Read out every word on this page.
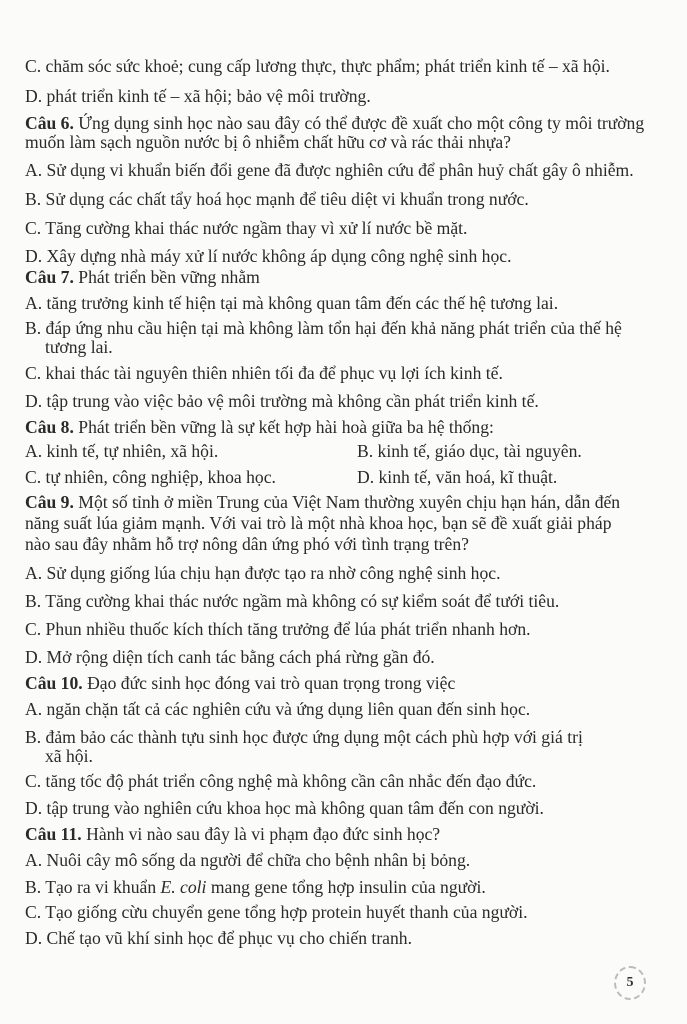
C. chăm sóc sức khoẻ; cung cấp lương thực, thực phẩm; phát triển kinh tế – xã hội.
D. phát triển kinh tế – xã hội; bảo vệ môi trường.
Câu 6. Ứng dụng sinh học nào sau đây có thể được đề xuất cho một công ty môi trường
muốn làm sạch nguồn nước bị ô nhiễm chất hữu cơ và rác thải nhựa?
A. Sử dụng vi khuẩn biến đổi gene đã được nghiên cứu để phân huỷ chất gây ô nhiễm.
B. Sử dụng các chất tẩy hoá học mạnh để tiêu diệt vi khuẩn trong nước.
C. Tăng cường khai thác nước ngầm thay vì xử lí nước bề mặt.
D. Xây dựng nhà máy xử lí nước không áp dụng công nghệ sinh học.
Câu 7. Phát triển bền vững nhằm
A. tăng trưởng kinh tế hiện tại mà không quan tâm đến các thế hệ tương lai.
B. đáp ứng nhu cầu hiện tại mà không làm tổn hại đến khả năng phát triển của thế hệ
tương lai.
C. khai thác tài nguyên thiên nhiên tối đa để phục vụ lợi ích kinh tế.
D. tập trung vào việc bảo vệ môi trường mà không cần phát triển kinh tế.
Câu 8. Phát triển bền vững là sự kết hợp hài hoà giữa ba hệ thống:
A. kinh tế, tự nhiên, xã hội.	B. kinh tế, giáo dục, tài nguyên.
C. tự nhiên, công nghiệp, khoa học.	D. kinh tế, văn hoá, kĩ thuật.
Câu 9. Một số tỉnh ở miền Trung của Việt Nam thường xuyên chịu hạn hán, dẫn đến
năng suất lúa giảm mạnh. Với vai trò là một nhà khoa học, bạn sẽ đề xuất giải pháp
nào sau đây nhằm hỗ trợ nông dân ứng phó với tình trạng trên?
A. Sử dụng giống lúa chịu hạn được tạo ra nhờ công nghệ sinh học.
B. Tăng cường khai thác nước ngầm mà không có sự kiểm soát để tưới tiêu.
C. Phun nhiều thuốc kích thích tăng trưởng để lúa phát triển nhanh hơn.
D. Mở rộng diện tích canh tác bằng cách phá rừng gần đó.
Câu 10. Đạo đức sinh học đóng vai trò quan trọng trong việc
A. ngăn chặn tất cả các nghiên cứu và ứng dụng liên quan đến sinh học.
B. đảm bảo các thành tựu sinh học được ứng dụng một cách phù hợp với giá trị
xã hội.
C. tăng tốc độ phát triển công nghệ mà không cần cân nhắc đến đạo đức.
D. tập trung vào nghiên cứu khoa học mà không quan tâm đến con người.
Câu 11. Hành vi nào sau đây là vi phạm đạo đức sinh học?
A. Nuôi cây mô sống da người để chữa cho bệnh nhân bị bỏng.
B. Tạo ra vi khuẩn E. coli mang gene tổng hợp insulin của người.
C. Tạo giống cừu chuyển gene tổng hợp protein huyết thanh của người.
D. Chế tạo vũ khí sinh học để phục vụ cho chiến tranh.
5
